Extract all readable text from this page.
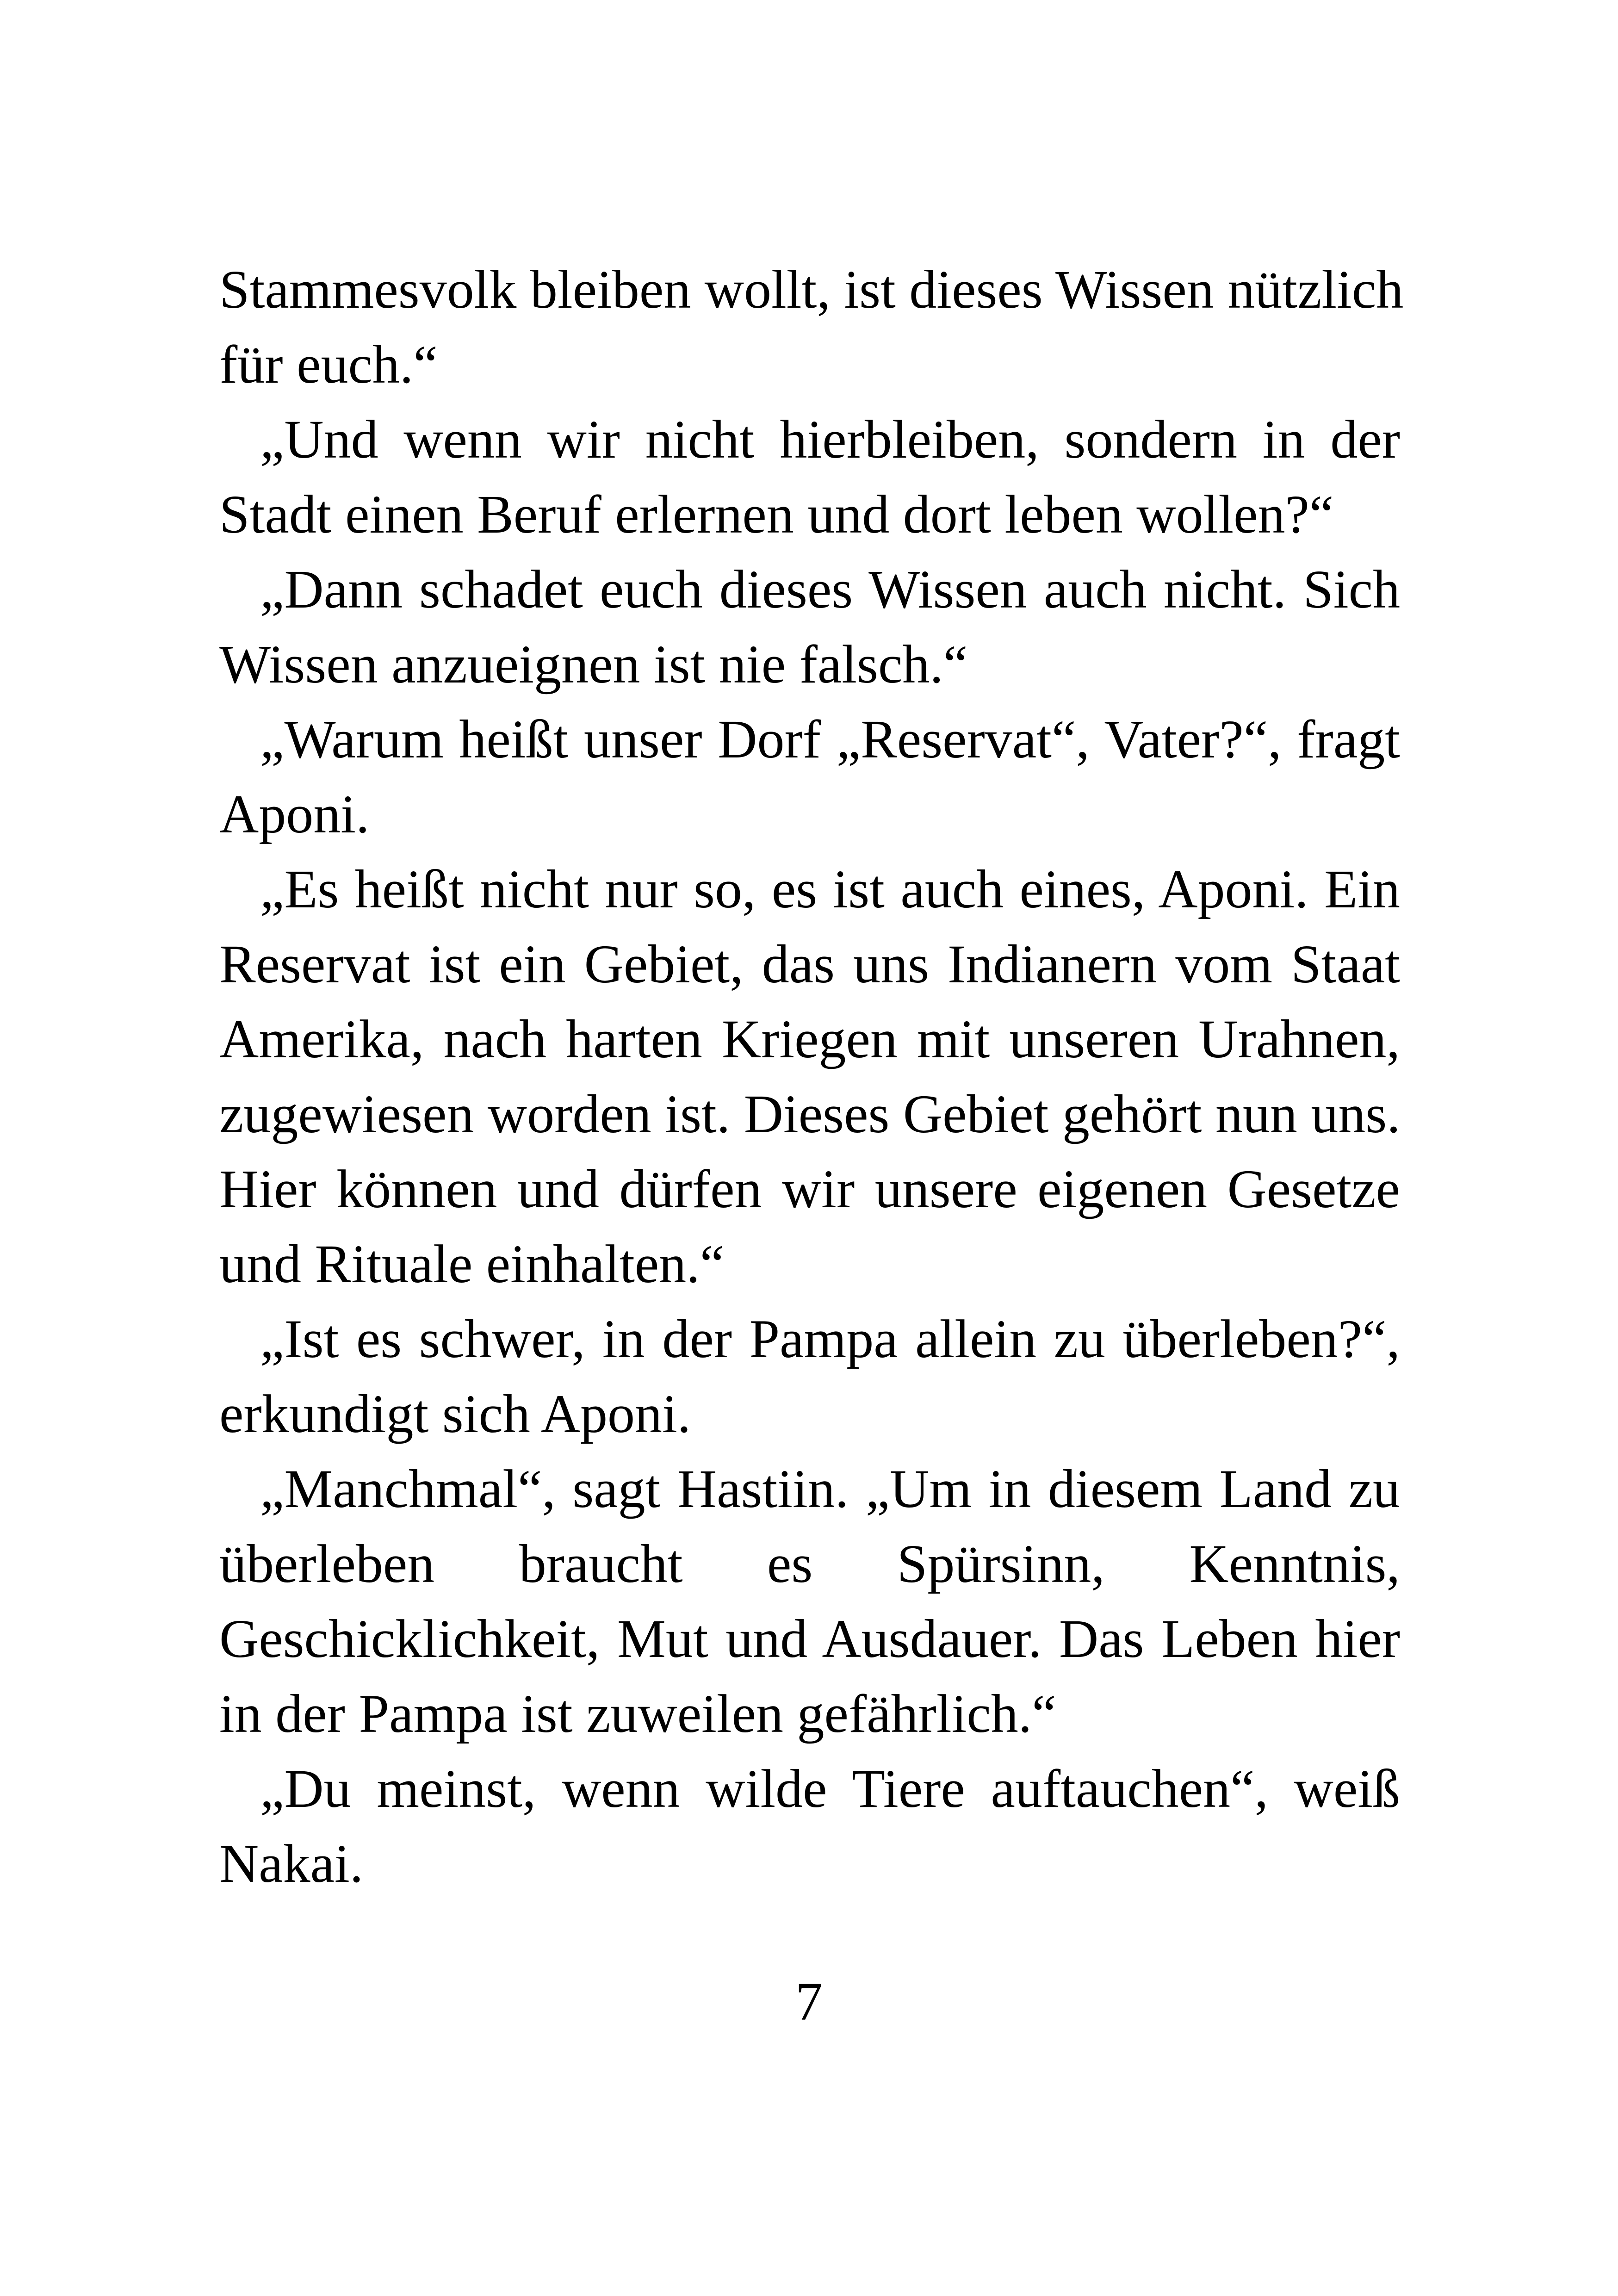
Stammesvolk bleiben wollt, ist dieses Wissen nützlich
für euch.“
„Und wenn wir nicht hierbleiben, sondern in der
Stadt einen Beruf erlernen und dort leben wollen?“
„Dann schadet euch dieses Wissen auch nicht. Sich
Wissen anzueignen ist nie falsch.“
„Warum heißt unser Dorf „Reservat“, Vater?“, fragt
Aponi.
„Es heißt nicht nur so, es ist auch eines, Aponi. Ein
Reservat ist ein Gebiet, das uns Indianern vom Staat
Amerika, nach harten Kriegen mit unseren Urahnen,
zugewiesen worden ist. Dieses Gebiet gehört nun uns.
Hier können und dürfen wir unsere eigenen Gesetze
und Rituale einhalten.“
„Ist es schwer, in der Pampa allein zu überleben?“,
erkundigt sich Aponi.
„Manchmal“, sagt Hastiin. „Um in diesem Land zu
überleben braucht es Spürsinn, Kenntnis,
Geschicklichkeit, Mut und Ausdauer. Das Leben hier
in der Pampa ist zuweilen gefährlich.“
„Du meinst, wenn wilde Tiere auftauchen“, weiß
Nakai.
7
